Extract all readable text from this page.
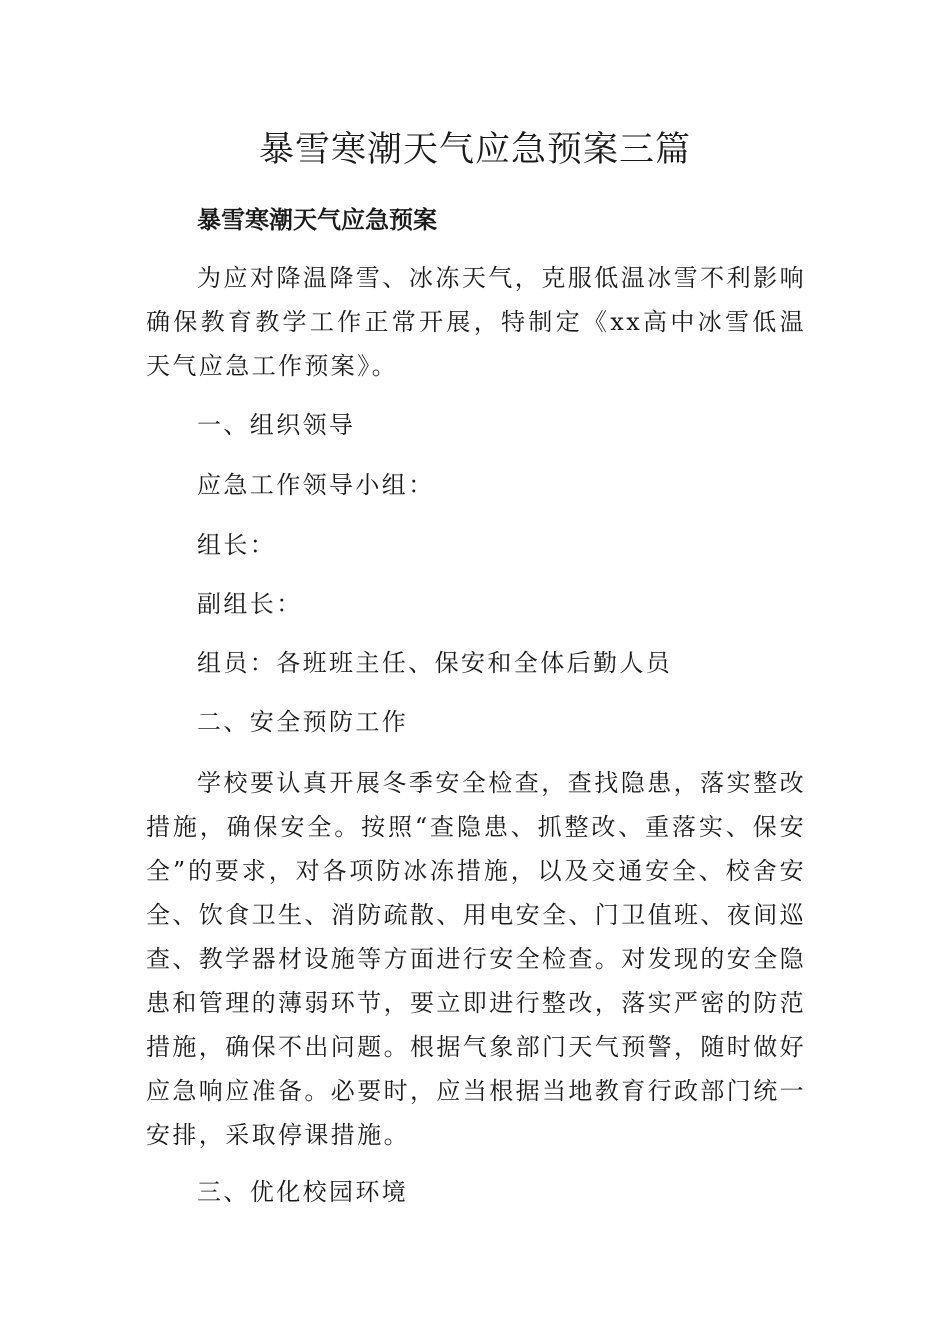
暴雪寒潮天气应急预案三篇
暴雪寒潮天气应急预案

为应对降温降雪、冰冻天气，克服低温冰雪不利影响确保教育教学工作正常开展，特制定《xx高中冰雪低温天气应急工作预案》。

一、组织领导

应急工作领导小组：

组长：

副组长：

组员：各班班主任、保安和全体后勤人员

二、安全预防工作

学校要认真开展冬季安全检查，查找隐患，落实整改措施，确保安全。按照“查隐患、抓整改、重落实、保安全”的要求，对各项防冰冻措施，以及交通安全、校舍安全、饮食卫生、消防疏散、用电安全、门卫值班、夜间巡查、教学器材设施等方面进行安全检查。对发现的安全隐患和管理的薄弱环节，要立即进行整改，落实严密的防范措施，确保不出问题。根据气象部门天气预警，随时做好应急响应准备。必要时，应当根据当地教育行政部门统一安排，采取停课措施。

三、优化校园环境
